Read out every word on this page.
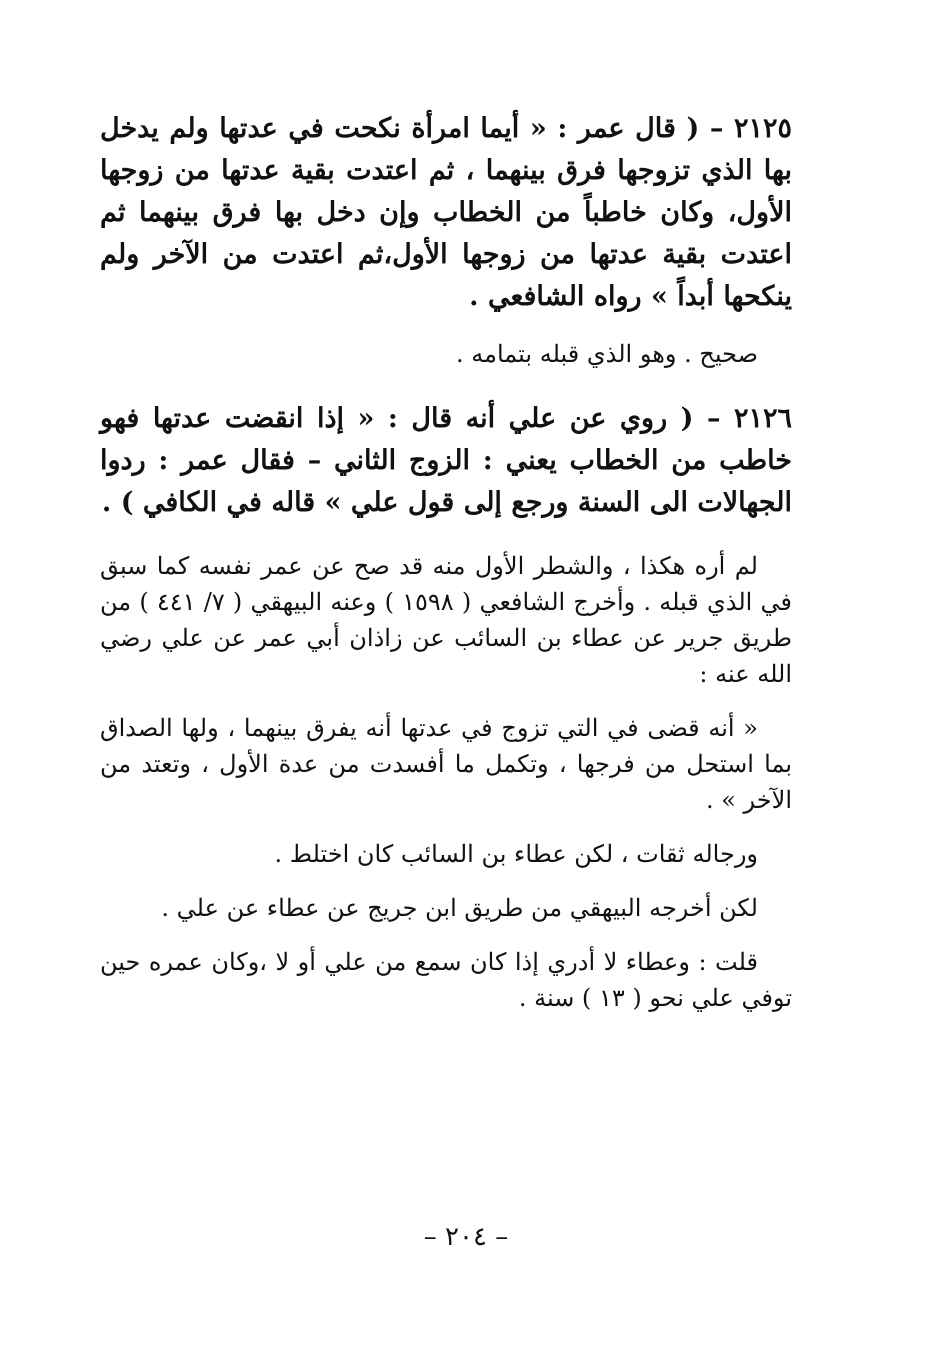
٢١٢٥ – ( قال عمر : « أيما امرأة نكحت في عدتها ولم يدخل بها الذي تزوجها فرق بينهما ، ثم اعتدت بقية عدتها من زوجها الأول، وكان خاطباً من الخطاب وإن دخل بها فرق بينهما ثم اعتدت بقية عدتها من زوجها الأول،ثم اعتدت من الآخر ولم ينكحها أبداً » رواه الشافعي .

صحيح . وهو الذي قبله بتمامه .

٢١٢٦ – ( روي عن علي أنه قال : « إذا انقضت عدتها فهو خاطب من الخطاب يعني : الزوج الثاني – فقال عمر : ردوا الجهالات الى السنة ورجع إلى قول علي » قاله في الكافي ) .

لم أره هكذا ، والشطر الأول منه قد صح عن عمر نفسه كما سبق في الذي قبله . وأخرج الشافعي ( ١٥٩٨ ) وعنه البيهقي ( ٧/ ٤٤١ ) من طريق جرير عن عطاء بن السائب عن زاذان أبي عمر عن علي رضي الله عنه :

« أنه قضى في التي تزوج في عدتها أنه يفرق بينهما ، ولها الصداق بما استحل من فرجها ، وتكمل ما أفسدت من عدة الأول ، وتعتد من الآخر » .

ورجاله ثقات ، لكن عطاء بن السائب كان اختلط .

لكن أخرجه البيهقي من طريق ابن جريج عن عطاء عن علي .

قلت : وعطاء لا أدري إذا كان سمع من علي أو لا ،وكان عمره حين توفي علي نحو ( ١٣ ) سنة .

– ٢٠٤ –
